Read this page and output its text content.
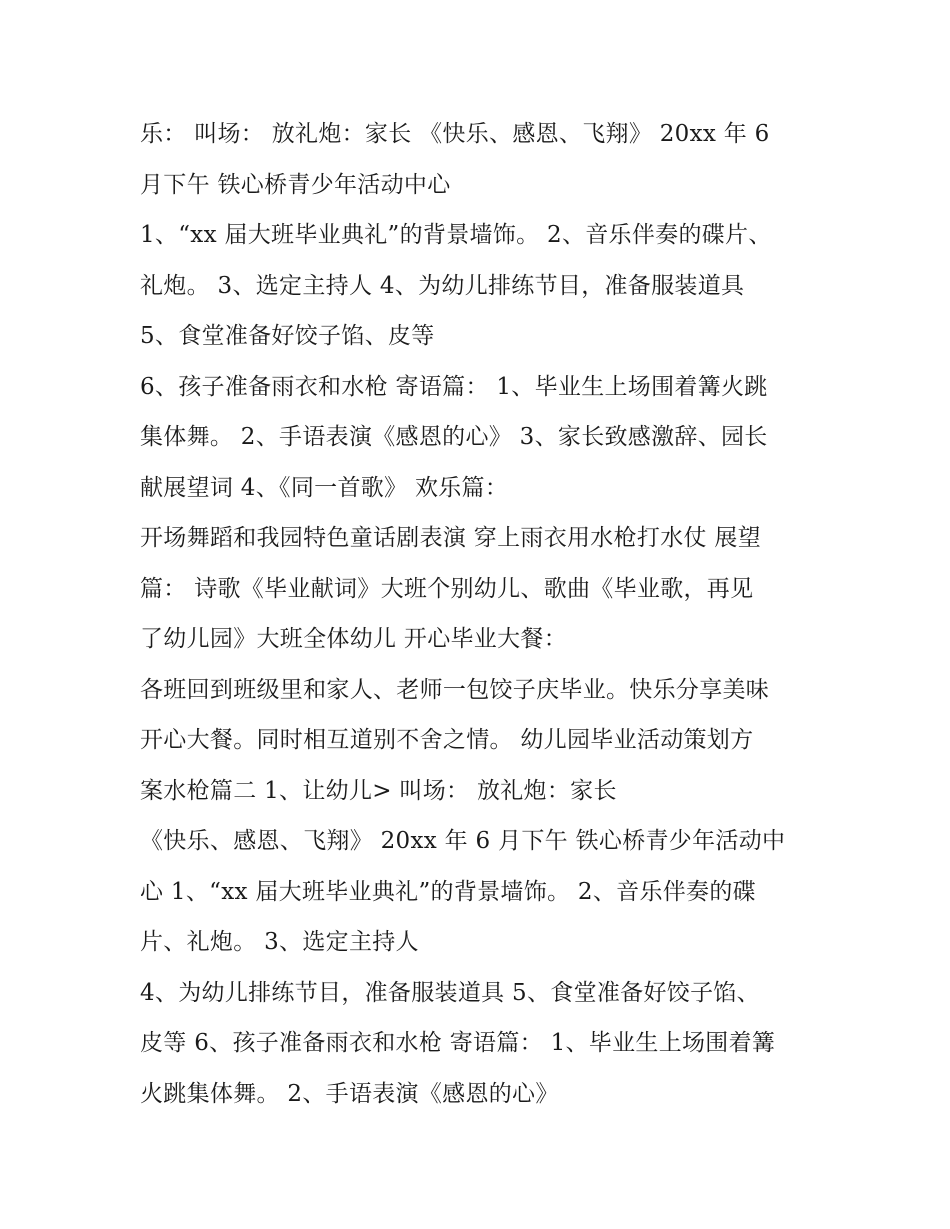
乐： 叫场： 放礼炮：家长 《快乐、感恩、飞翔》 20xx 年 6
月下午 铁心桥青少年活动中心
1、“xx 届大班毕业典礼”的背景墙饰。 2、音乐伴奏的碟片、
礼炮。 3、选定主持人 4、为幼儿排练节目，准备服装道具
5、食堂准备好饺子馅、皮等
6、孩子准备雨衣和水枪 寄语篇： 1、毕业生上场围着篝火跳
集体舞。 2、手语表演《感恩的心》 3、家长致感激辞、园长
献展望词 4、《同一首歌》 欢乐篇：
开场舞蹈和我园特色童话剧表演 穿上雨衣用水枪打水仗 展望
篇： 诗歌《毕业献词》大班个别幼儿、歌曲《毕业歌，再见
了幼儿园》大班全体幼儿 开心毕业大餐：
各班回到班级里和家人、老师一包饺子庆毕业。快乐分享美味
开心大餐。同时相互道别不舍之情。 幼儿园毕业活动策划方
案水枪篇二 1、让幼儿> 叫场： 放礼炮：家长
《快乐、感恩、飞翔》 20xx 年 6 月下午 铁心桥青少年活动中
心 1、“xx 届大班毕业典礼”的背景墙饰。 2、音乐伴奏的碟
片、礼炮。 3、选定主持人
4、为幼儿排练节目，准备服装道具 5、食堂准备好饺子馅、
皮等 6、孩子准备雨衣和水枪 寄语篇： 1、毕业生上场围着篝
火跳集体舞。 2、手语表演《感恩的心》
